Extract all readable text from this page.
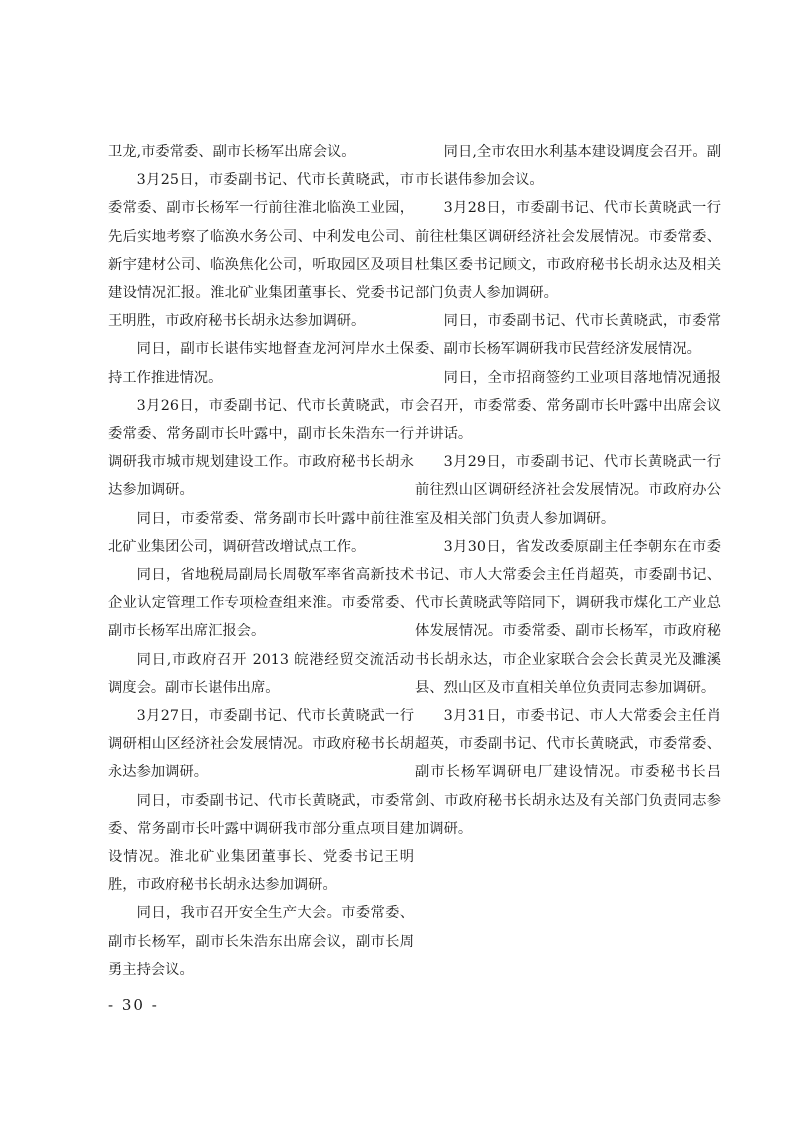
卫龙,市委常委、副市长杨军出席会议。

3月25日，市委副书记、代市长黄晓武，市委常委、副市长杨军一行前往淮北临涣工业园，先后实地考察了临涣水务公司、中利发电公司、新宇建材公司、临涣焦化公司，听取园区及项目建设情况汇报。淮北矿业集团董事长、党委书记王明胜，市政府秘书长胡永达参加调研。

同日，副市长谌伟实地督查龙河河岸水土保持工作推进情况。

3月26日，市委副书记、代市长黄晓武，市委常委、常务副市长叶露中，副市长朱浩东一行调研我市城市规划建设工作。市政府秘书长胡永达参加调研。

同日，市委常委、常务副市长叶露中前往淮北矿业集团公司，调研营改增试点工作。

同日，省地税局副局长周敬军率省高新技术企业认定管理工作专项检查组来淮。市委常委、副市长杨军出席汇报会。

同日,市政府召开 2013 皖港经贸交流活动调度会。副市长谌伟出席。

3月27日，市委副书记、代市长黄晓武一行调研相山区经济社会发展情况。市政府秘书长胡永达参加调研。

同日，市委副书记、代市长黄晓武，市委常委、常务副市长叶露中调研我市部分重点项目建设情况。淮北矿业集团董事长、党委书记王明胜，市政府秘书长胡永达参加调研。

同日，我市召开安全生产大会。市委常委、副市长杨军，副市长朱浩东出席会议，副市长周勇主持会议。

同日,全市农田水利基本建设调度会召开。副市长谌伟参加会议。

3月28日，市委副书记、代市长黄晓武一行前往杜集区调研经济社会发展情况。市委常委、杜集区委书记顾文，市政府秘书长胡永达及相关部门负责人参加调研。

同日，市委副书记、代市长黄晓武，市委常委、副市长杨军调研我市民营经济发展情况。

同日，全市招商签约工业项目落地情况通报会召开，市委常委、常务副市长叶露中出席会议并讲话。

3月29日，市委副书记、代市长黄晓武一行前往烈山区调研经济社会发展情况。市政府办公室及相关部门负责人参加调研。

3月30日，省发改委原副主任李朝东在市委书记、市人大常委会主任肖超英，市委副书记、代市长黄晓武等陪同下，调研我市煤化工产业总体发展情况。市委常委、副市长杨军，市政府秘书长胡永达，市企业家联合会会长黄灵光及濉溪县、烈山区及市直相关单位负责同志参加调研。

3月31日，市委书记、市人大常委会主任肖超英，市委副书记、代市长黄晓武，市委常委、副市长杨军调研电厂建设情况。市委秘书长吕剑、市政府秘书长胡永达及有关部门负责同志参加调研。

- 30 -
